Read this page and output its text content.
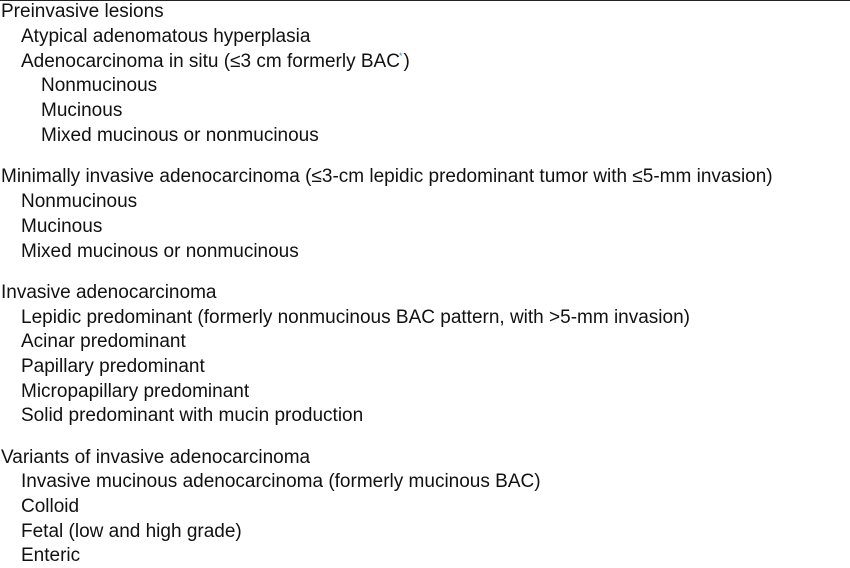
Preinvasive lesions
Atypical adenomatous hyperplasia
Adenocarcinoma in situ (≤3 cm formerly BAC*)
Nonmucinous
Mucinous
Mixed mucinous or nonmucinous
Minimally invasive adenocarcinoma (≤3-cm lepidic predominant tumor with ≤5-mm invasion)
Nonmucinous
Mucinous
Mixed mucinous or nonmucinous
Invasive adenocarcinoma
Lepidic predominant (formerly nonmucinous BAC pattern, with >5-mm invasion)
Acinar predominant
Papillary predominant
Micropapillary predominant
Solid predominant with mucin production
Variants of invasive adenocarcinoma
Invasive mucinous adenocarcinoma (formerly mucinous BAC)
Colloid
Fetal (low and high grade)
Enteric
